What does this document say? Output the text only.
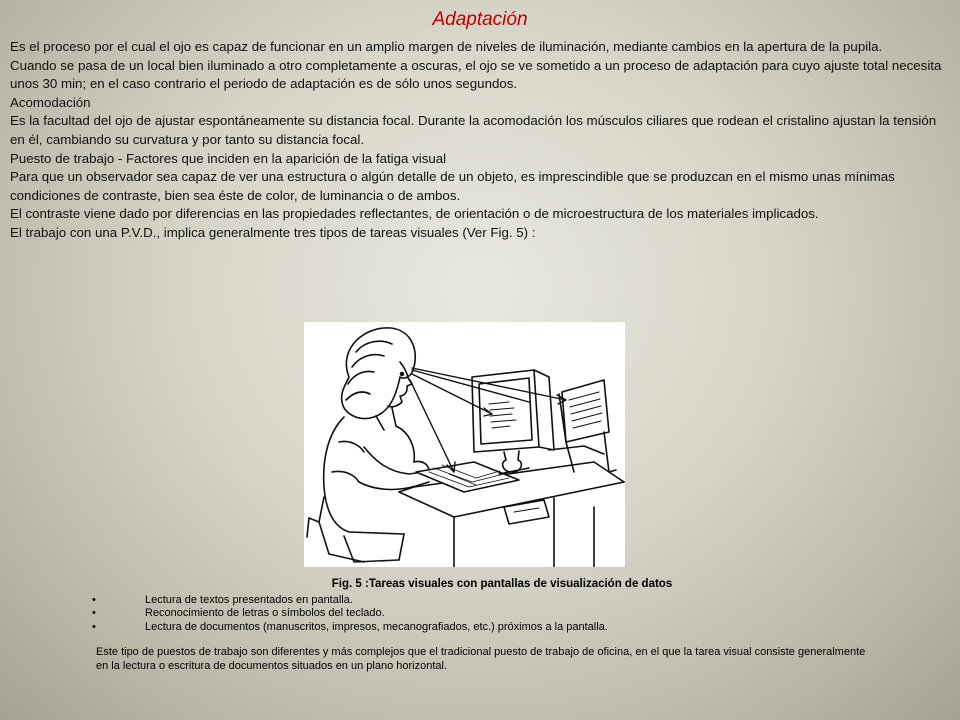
Adaptación

Es el proceso por el cual el ojo es capaz de funcionar en un amplio margen de niveles de iluminación, mediante cambios en la apertura de la pupila.

Cuando se pasa de un local bien iluminado a otro completamente a oscuras, el ojo se ve sometido a un proceso de adaptación para cuyo ajuste total necesita unos 30 min; en el caso contrario el periodo de adaptación es de sólo unos segundos.

Acomodación

Es la facultad del ojo de ajustar espontáneamente su distancia focal. Durante la acomodación los músculos ciliares que rodean el cristalino ajustan la tensión en él, cambiando su curvatura y por tanto su distancia focal.

Puesto de trabajo - Factores que inciden en la aparición de la fatiga visual

Para que un observador sea capaz de ver una estructura o algún detalle de un objeto, es imprescindible que se produzcan en el mismo unas mínimas condiciones de contraste, bien sea éste de color, de luminancia o de ambos.

El contraste viene dado por diferencias en las propiedades reflectantes, de orientación o de microestructura de los materiales implicados.

El trabajo con una P.V.D., implica generalmente tres tipos de tareas visuales (Ver Fig. 5) :

Fig. 5 :Tareas visuales con pantallas de visualización de datos
•	Lectura de textos presentados en pantalla.
•	Reconocimiento de letras o símbolos del teclado.
•	Lectura de documentos (manuscritos, impresos, mecanografiados, etc.) próximos a la pantalla.

Este tipo de puestos de trabajo son diferentes y más complejos que el tradicional puesto de trabajo de oficina, en el que la tarea visual consiste generalmente en la lectura o escritura de documentos situados en un plano horizontal.
